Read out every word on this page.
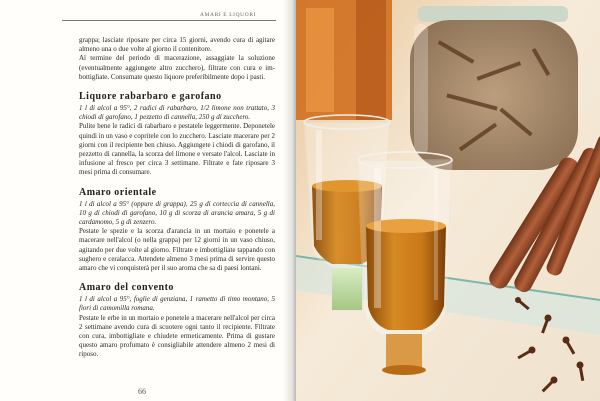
AMARI E LIQUORI

grappa; lasciate riposare per circa 15 giorni, avendo cura di agitare almeno una o due volte al giorno il contenitore.
Al termine del periodo di macerazione, assaggiate la soluzione (eventualmente aggiungete altro zucchero), filtrate con cura e im-bottigliate. Consumate questo liquore preferibilmente dopo i pasti.

Liquore rabarbaro e garofano

1 l di alcol a 95°, 2 radici di rabarbaro, 1/2 limone non trattato, 3 chiodi di garofano, 1 pezzetto di cannella, 250 g di zucchero.

Pulite bene le radici di rabarbaro e pestatele leggermente. Deponetele quindi in un vaso e copritele con lo zucchero. Lasciate macerare per 2 giorni con il recipiente ben chiuso. Aggiungete i chiodi di garofano, il pezzetto di cannella, la scorza del limone e versate l'alcol. Lasciate in infusione al fresco per circa 3 settimane. Filtrate e fate riposare 3 mesi prima di consumare.

Amaro orientale

1 l di alcol a 95° (oppure di grappa), 25 g di corteccia di cannella, 10 g di chiodi di garofano, 10 g di scorza di arancia amara, 5 g di cardamomo, 5 g di zenzero.

Pestate le spezie e la scorza d'arancia in un mortaio e ponetele a macerare nell'alcol (o nella grappa) per 12 giorni in un vaso chiuso, agitando per due volte al giorno. Filtrate e imbottigliate tappando con sughero e ceralacca. Attendete almeno 3 mesi prima di servire questo amaro che vi conquisterà per il suo aroma che sa di paesi lontani.

Amaro del convento

1 l di alcol a 95°, foglie di genziana, 1 rametto di timo montano, 5 fiori di camomilla romana.

Pestate le erbe in un mortaio e ponetele a macerare nell'alcol per circa 2 settimane avendo cura di scuotere ogni tanto il recipiente. Filtrate con cura, imbottigliate e chiudete ermeticamente. Prima di gustare questo amaro profumato è consigliabile attendere almeno 2 mesi di riposo.

66
